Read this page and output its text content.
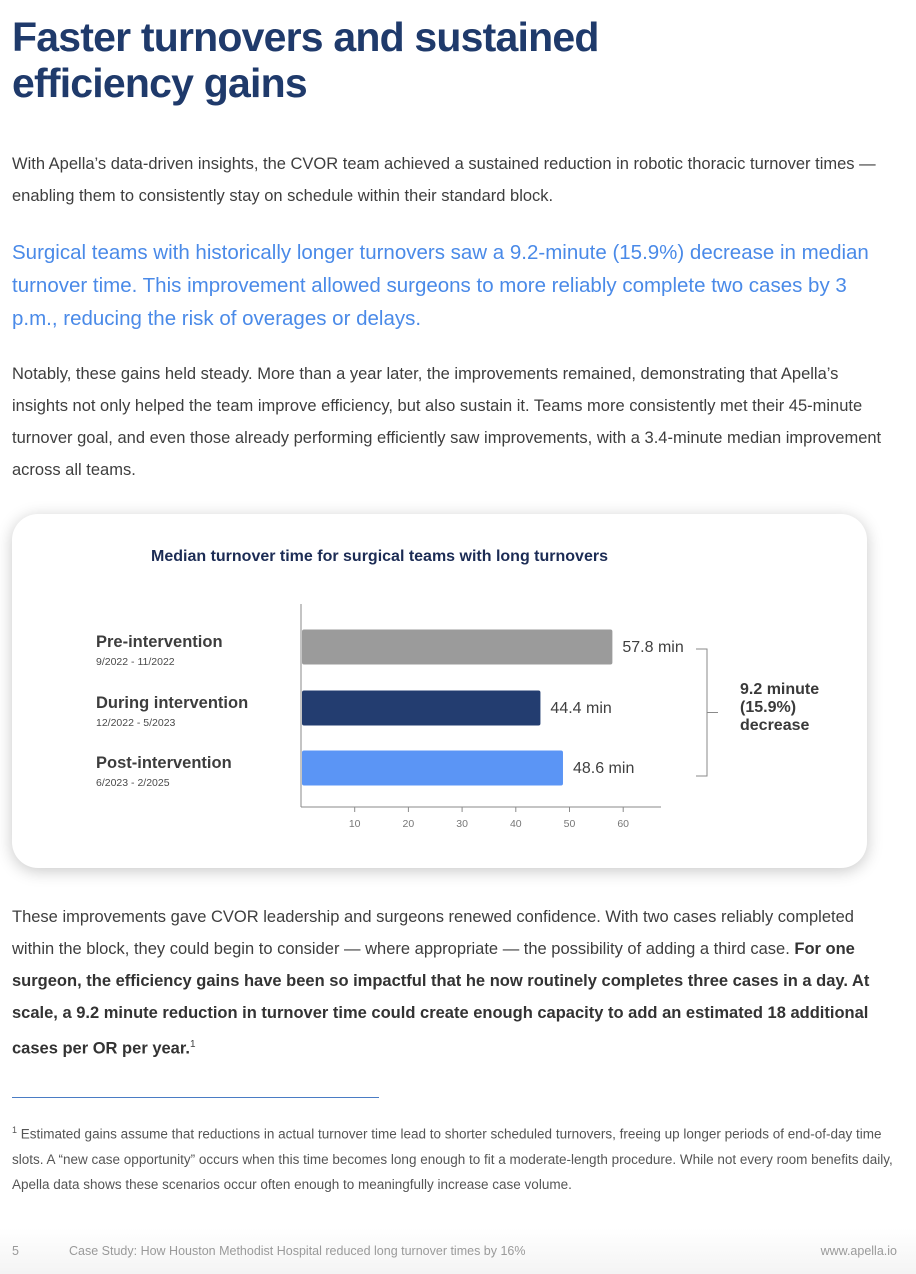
Faster turnovers and sustained efficiency gains

With Apella’s data-driven insights, the CVOR team achieved a sustained reduction in robotic thoracic turnover times — enabling them to consistently stay on schedule within their standard block.

Surgical teams with historically longer turnovers saw a 9.2-minute (15.9%) decrease in median turnover time. This improvement allowed surgeons to more reliably complete two cases by 3 p.m., reducing the risk of overages or delays.

Notably, these gains held steady. More than a year later, the improvements remained, demonstrating that Apella’s insights not only helped the team improve efficiency, but also sustain it. Teams more consistently met their 45-minute turnover goal, and even those already performing efficiently saw improvements, with a 3.4-minute median improvement across all teams.

Median turnover time for surgical teams with long turnovers
10	20	30	40	50	60
Pre-intervention
9/2022 - 11/2022
57.8 min
During intervention
12/2022 - 5/2023
44.4 min
Post-intervention
6/2023 - 2/2025
48.6 min
9.2 minute
(15.9%)
decrease

These improvements gave CVOR leadership and surgeons renewed confidence. With two cases reliably completed within the block, they could begin to consider — where appropriate — the possibility of adding a third case. For one surgeon, the efficiency gains have been so impactful that he now routinely completes three cases in a day. At scale, a 9.2 minute reduction in turnover time could create enough capacity to add an estimated 18 additional cases per OR per year.$^1$

$^1$ Estimated gains assume that reductions in actual turnover time lead to shorter scheduled turnovers, freeing up longer periods of end-of-day time slots. A “new case opportunity” occurs when this time becomes long enough to fit a moderate-length procedure. While not every room benefits daily, Apella data shows these scenarios occur often enough to meaningfully increase case volume.

5	Case Study: How Houston Methodist Hospital reduced long turnover times by 16%	www.apella.io
